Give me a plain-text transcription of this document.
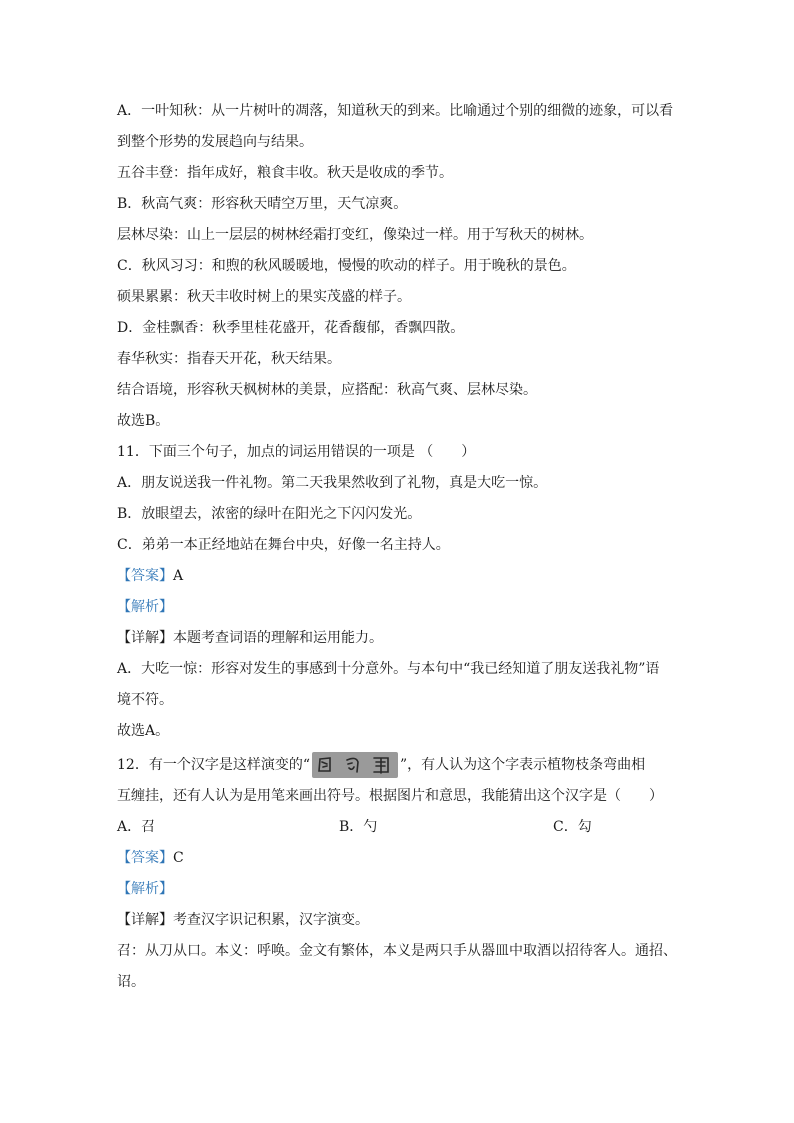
A．一叶知秋：从一片树叶的凋落，知道秋天的到来。比喻通过个别的细微的迹象，可以看
到整个形势的发展趋向与结果。
五谷丰登：指年成好，粮食丰收。秋天是收成的季节。
B．秋高气爽：形容秋天晴空万里，天气凉爽。
层林尽染：山上一层层的树林经霜打变红，像染过一样。用于写秋天的树林。
C．秋风习习：和煦的秋风暖暖地，慢慢的吹动的样子。用于晚秋的景色。
硕果累累：秋天丰收时树上的果实茂盛的样子。
D．金桂飘香：秋季里桂花盛开，花香馥郁，香飘四散。
春华秋实：指春天开花，秋天结果。
结合语境，形容秋天枫树林的美景，应搭配：秋高气爽、层林尽染。
故选B。
11．下面三个句子，加点的词运用错误的一项是 （　　）
A．朋友说送我一件礼物。第二天我果然收到了礼物，真是大吃一惊。
B．放眼望去，浓密的绿叶在阳光之下闪闪发光。
C．弟弟一本正经地站在舞台中央，好像一名主持人。
【答案】A
【解析】
【详解】本题考查词语的理解和运用能力。
A．大吃一惊：形容对发生的事感到十分意外。与本句中“我已经知道了朋友送我礼物”语
境不符。
故选A。
12．有一个汉字是这样演变的“	”，有人认为这个字表示植物枝条弯曲相
互缠挂，还有人认为是用笔来画出符号。根据图片和意思，我能猜出这个汉字是（　　）
A．召	B．勺	C．勾
【答案】C
【解析】
【详解】考查汉字识记积累，汉字演变。
召：从刀从口。本义：呼唤。金文有繁体，本义是两只手从器皿中取酒以招待客人。通招、
诏。
